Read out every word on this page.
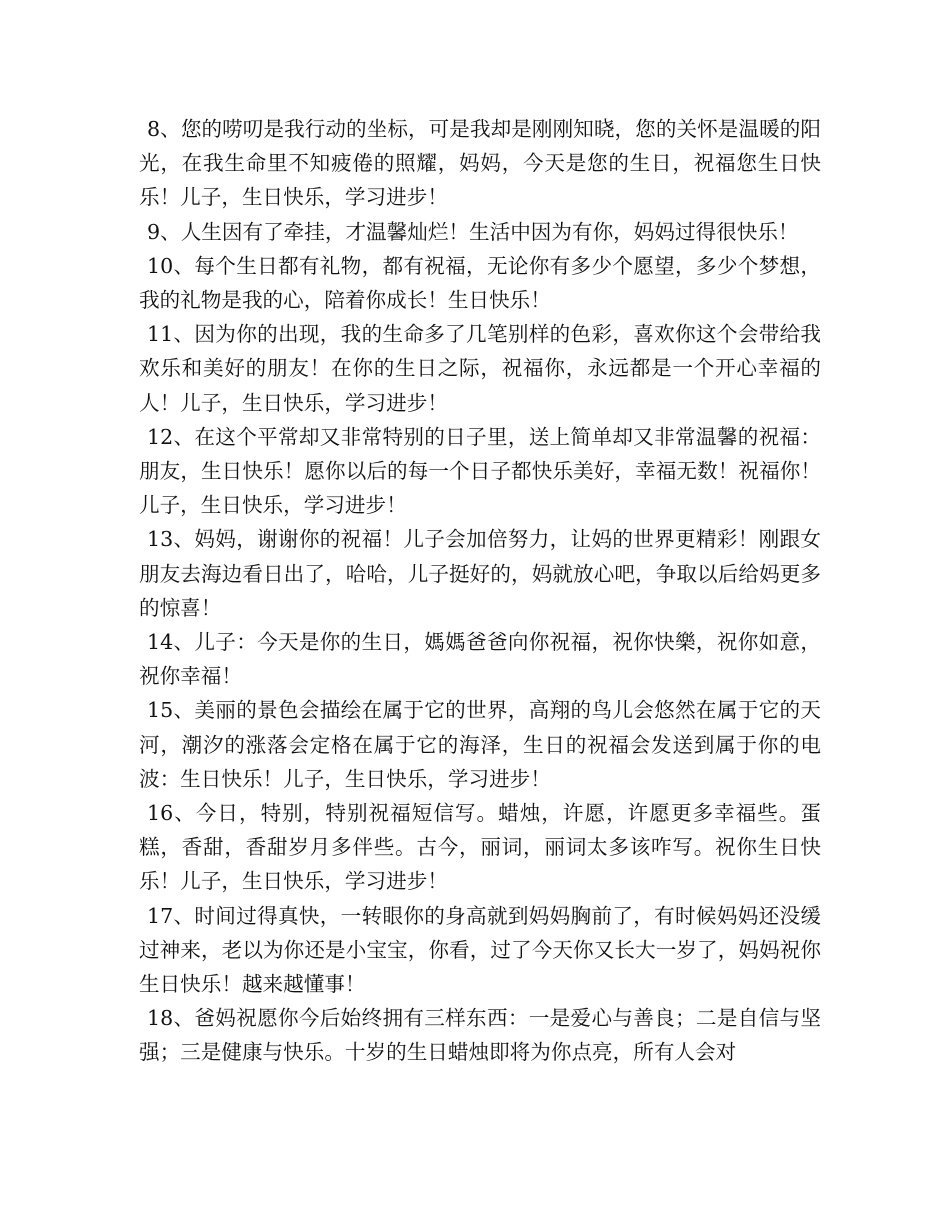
8、您的唠叨是我行动的坐标，可是我却是刚刚知晓，您的关怀是温暖的阳光，在我生命里不知疲倦的照耀，妈妈，今天是您的生日，祝福您生日快乐！儿子，生日快乐，学习进步！

9、人生因有了牵挂，才温馨灿烂！生活中因为有你，妈妈过得很快乐！

10、每个生日都有礼物，都有祝福，无论你有多少个愿望，多少个梦想，我的礼物是我的心，陪着你成长！生日快乐！

11、因为你的出现，我的生命多了几笔别样的色彩，喜欢你这个会带给我欢乐和美好的朋友！在你的生日之际，祝福你，永远都是一个开心幸福的人！儿子，生日快乐，学习进步！

12、在这个平常却又非常特别的日子里，送上简单却又非常温馨的祝福：朋友，生日快乐！愿你以后的每一个日子都快乐美好，幸福无数！祝福你！儿子，生日快乐，学习进步！

13、妈妈，谢谢你的祝福！儿子会加倍努力，让妈的世界更精彩！刚跟女朋友去海边看日出了，哈哈，儿子挺好的，妈就放心吧，争取以后给妈更多的惊喜！

14、儿子：今天是你的生日，媽媽爸爸向你祝福，祝你快樂，祝你如意，祝你幸福！

15、美丽的景色会描绘在属于它的世界，高翔的鸟儿会悠然在属于它的天河，潮汐的涨落会定格在属于它的海泽，生日的祝福会发送到属于你的电波：生日快乐！儿子，生日快乐，学习进步！

16、今日，特别，特别祝福短信写。蜡烛，许愿，许愿更多幸福些。蛋糕，香甜，香甜岁月多伴些。古今，丽词，丽词太多该咋写。祝你生日快乐！儿子，生日快乐，学习进步！

17、时间过得真快，一转眼你的身高就到妈妈胸前了，有时候妈妈还没缓过神来，老以为你还是小宝宝，你看，过了今天你又长大一岁了，妈妈祝你生日快乐！越来越懂事！

18、爸妈祝愿你今后始终拥有三样东西：一是爱心与善良；二是自信与坚强；三是健康与快乐。十岁的生日蜡烛即将为你点亮，所有人会对
